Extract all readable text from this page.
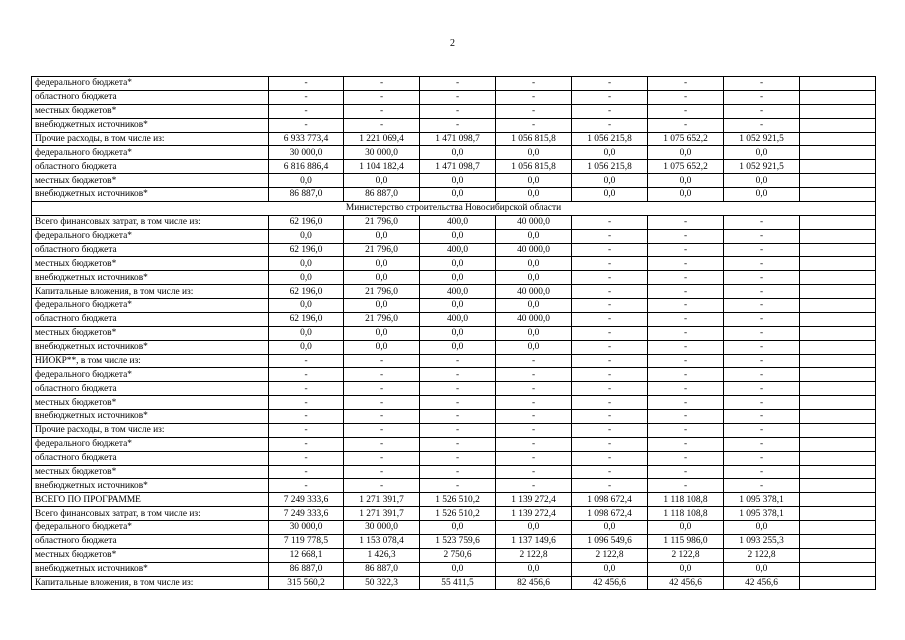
2
федерального бюджета*	-	-	-	-	-	-	-	
областного бюджета	-	-	-	-	-	-	-	
местных бюджетов*	-	-	-	-	-	-	-	
внебюджетных источников*	-	-	-	-	-	-	-	
Прочие расходы, в том числе из:	6 933 773,4	1 221 069,4	1 471 098,7	1 056 815,8	1 056 215,8	1 075 652,2	1 052 921,5	
федерального бюджета*	30 000,0	30 000,0	0,0	0,0	0,0	0,0	0,0	
областного бюджета	6 816 886,4	1 104 182,4	1 471 098,7	1 056 815,8	1 056 215,8	1 075 652,2	1 052 921,5	
местных бюджетов*	0,0	0,0	0,0	0,0	0,0	0,0	0,0	
внебюджетных источников*	86 887,0	86 887,0	0,0	0,0	0,0	0,0	0,0	
Министерство строительства Новосибирской области								
Всего финансовых затрат, в том числе из:	62 196,0	21 796,0	400,0	40 000,0	-	-	-	
федерального бюджета*	0,0	0,0	0,0	0,0	-	-	-	
областного бюджета	62 196,0	21 796,0	400,0	40 000,0	-	-	-	
местных бюджетов*	0,0	0,0	0,0	0,0	-	-	-	
внебюджетных источников*	0,0	0,0	0,0	0,0	-	-	-	
Капитальные вложения, в том числе из:	62 196,0	21 796,0	400,0	40 000,0	-	-	-	
федерального бюджета*	0,0	0,0	0,0	0,0	-	-	-	
областного бюджета	62 196,0	21 796,0	400,0	40 000,0	-	-	-	
местных бюджетов*	0,0	0,0	0,0	0,0	-	-	-	
внебюджетных источников*	0,0	0,0	0,0	0,0	-	-	-	
НИОКР**, в том числе из:	-	-	-	-	-	-	-	
федерального бюджета*	-	-	-	-	-	-	-	
областного бюджета	-	-	-	-	-	-	-	
местных бюджетов*	-	-	-	-	-	-	-	
внебюджетных источников*	-	-	-	-	-	-	-	
Прочие расходы, в том числе из:	-	-	-	-	-	-	-	
федерального бюджета*	-	-	-	-	-	-	-	
областного бюджета	-	-	-	-	-	-	-	
местных бюджетов*	-	-	-	-	-	-	-	
внебюджетных источников*	-	-	-	-	-	-	-	
ВСЕГО ПО ПРОГРАММЕ	7 249 333,6	1 271 391,7	1 526 510,2	1 139 272,4	1 098 672,4	1 118 108,8	1 095 378,1	
Всего финансовых затрат, в том числе из:	7 249 333,6	1 271 391,7	1 526 510,2	1 139 272,4	1 098 672,4	1 118 108,8	1 095 378,1	
федерального бюджета*	30 000,0	30 000,0	0,0	0,0	0,0	0,0	0,0	
областного бюджета	7 119 778,5	1 153 078,4	1 523 759,6	1 137 149,6	1 096 549,6	1 115 986,0	1 093 255,3	
местных бюджетов*	12 668,1	1 426,3	2 750,6	2 122,8	2 122,8	2 122,8	2 122,8	
внебюджетных источников*	86 887,0	86 887,0	0,0	0,0	0,0	0,0	0,0	
Капитальные вложения, в том числе из:	315 560,2	50 322,3	55 411,5	82 456,6	42 456,6	42 456,6	42 456,6	
